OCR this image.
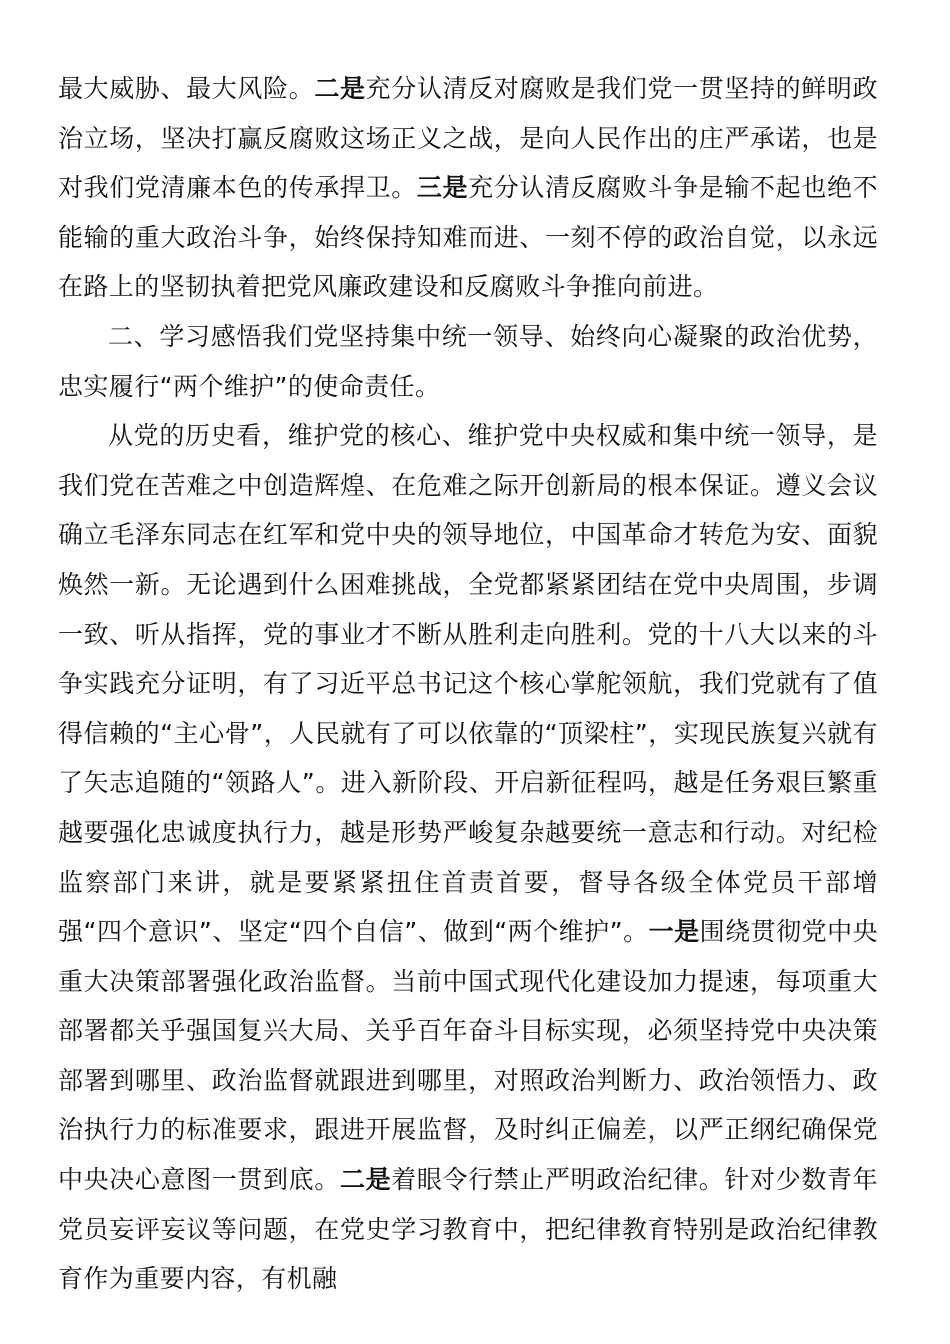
最大威胁、最大风险。二是充分认清反对腐败是我们党一贯坚持的鲜明政治立场，坚决打赢反腐败这场正义之战，是向人民作出的庄严承诺，也是对我们党清廉本色的传承捍卫。三是充分认清反腐败斗争是输不起也绝不能输的重大政治斗争，始终保持知难而进、一刻不停的政治自觉，以永远在路上的坚韧执着把党风廉政建设和反腐败斗争推向前进。

二、学习感悟我们党坚持集中统一领导、始终向心凝聚的政治优势，忠实履行“两个维护”的使命责任。

从党的历史看，维护党的核心、维护党中央权威和集中统一领导，是我们党在苦难之中创造辉煌、在危难之际开创新局的根本保证。遵义会议确立毛泽东同志在红军和党中央的领导地位，中国革命才转危为安、面貌焕然一新。无论遇到什么困难挑战，全党都紧紧团结在党中央周围，步调一致、听从指挥，党的事业才不断从胜利走向胜利。党的十八大以来的斗争实践充分证明，有了习近平总书记这个核心掌舵领航，我们党就有了值得信赖的“主心骨”，人民就有了可以依靠的“顶梁柱”，实现民族复兴就有了矢志追随的“领路人”。进入新阶段、开启新征程吗，越是任务艰巨繁重越要强化忠诚度执行力，越是形势严峻复杂越要统一意志和行动。对纪检监察部门来讲，就是要紧紧扭住首责首要，督导各级全体党员干部增强“四个意识”、坚定“四个自信”、做到“两个维护”。一是围绕贯彻党中央重大决策部署强化政治监督。当前中国式现代化建设加力提速，每项重大部署都关乎强国复兴大局、关乎百年奋斗目标实现，必须坚持党中央决策部署到哪里、政治监督就跟进到哪里，对照政治判断力、政治领悟力、政治执行力的标准要求，跟进开展监督，及时纠正偏差，以严正纲纪确保党中央决心意图一贯到底。二是着眼令行禁止严明政治纪律。针对少数青年党员妄评妄议等问题，在党史学习教育中，把纪律教育特别是政治纪律教育作为重要内容，有机融
